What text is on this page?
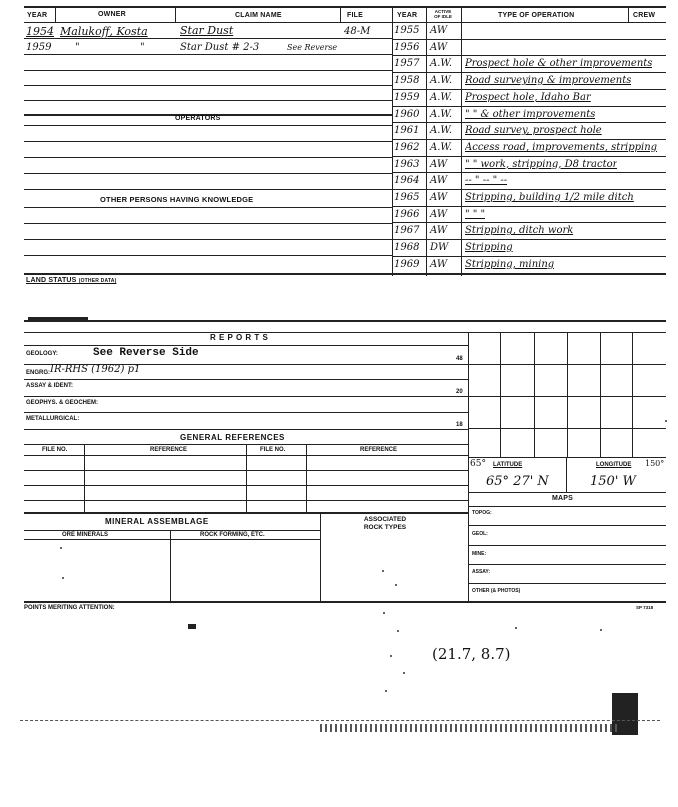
YEAR	OWNER	CLAIM NAME	FILE	YEAR
ACTIVE
OF IDLE	TYPE OF OPERATION	CREW
1954 Malukoff, Kosta	Star Dust	48-M
1959 "	"	Star Dust # 2-3	See Reverse
OPERATORS
OTHER PERSONS HAVING KNOWLEDGE
LAND STATUS (OTHER DATA)
1955 AW
1956 AW
1957 A.W. Prospect hole & other improvements
1958 A.W. Road surveying & improvements
1959 A.W. Prospect hole, Idaho Bar
1960 A.W. " " & other improvements
1961 A.W. Road survey, prospect hole
1962 A.W. Access road, improvements, stripping
1963 AW " " work, stripping, D8 tractor
1964 AW -- " -- " --
1965 AW Stripping, building 1/2 mile ditch
1966 AW " " "
1967 AW Stripping, ditch work
1968 DW Stripping
1969 AW Stripping, mining
R E P O R T S
GEOLOGY:	See Reverse Side	48
ENGRG: IR-RHS (1962) p1
ASSAY & IDENT:
20
GEOPHYS. & GEOCHEM:
METALLURGICAL:
18
GENERAL REFERENCES
FILE NO.	REFERENCE	FILE NO.	REFERENCE
65° LATITUDE	LONGITUDE 150°
65° 27' N	150' W
MAPS
TOPOG:
GEOL:
MINE:
ASSAY:
OTHER (& PHOTOS)
MINERAL ASSEMBLAGE	ASSOCIATED
ROCK TYPES
ORE MINERALS	ROCK FORMING, ETC.
POINTS MERITING ATTENTION:	SP 7318
(21.7, 8.7)
